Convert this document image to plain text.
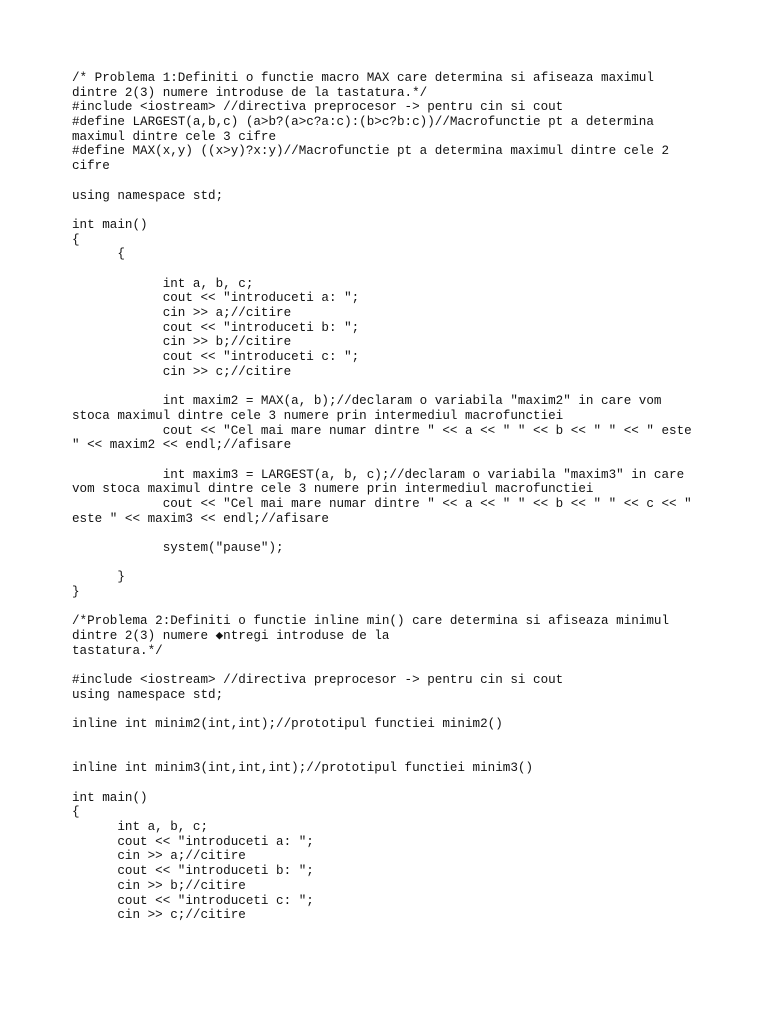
/* Problema 1:Definiti o functie macro MAX care determina si afiseaza maximul
dintre 2(3) numere introduse de la tastatura.*/
#include <iostream> //directiva preprocesor -> pentru cin si cout
#define LARGEST(a,b,c) (a>b?(a>c?a:c):(b>c?b:c))//Macrofunctie pt a determina
maximul dintre cele 3 cifre
#define MAX(x,y) ((x>y)?x:y)//Macrofunctie pt a determina maximul dintre cele 2
cifre
using namespace std;
int main()
{
{
int a, b, c;
cout << "introduceti a: ";
cin >> a;//citire
cout << "introduceti b: ";
cin >> b;//citire
cout << "introduceti c: ";
cin >> c;//citire
int maxim2 = MAX(a, b);//declaram o variabila "maxim2" in care vom
stoca maximul dintre cele 3 numere prin intermediul macrofunctiei
cout << "Cel mai mare numar dintre " << a << " " << b << " " << " este
" << maxim2 << endl;//afisare
int maxim3 = LARGEST(a, b, c);//declaram o variabila "maxim3" in care
vom stoca maximul dintre cele 3 numere prin intermediul macrofunctiei
cout << "Cel mai mare numar dintre " << a << " " << b << " " << c << "
este " << maxim3 << endl;//afisare
system("pause");
}
}
/*Problema 2:Definiti o functie inline min() care determina si afiseaza minimul
dintre 2(3) numere ◆ntregi introduse de la
tastatura.*/
#include <iostream> //directiva preprocesor -> pentru cin si cout
using namespace std;
inline int minim2(int,int);//prototipul functiei minim2()
inline int minim3(int,int,int);//prototipul functiei minim3()
int main()
{
int a, b, c;
cout << "introduceti a: ";
cin >> a;//citire
cout << "introduceti b: ";
cin >> b;//citire
cout << "introduceti c: ";
cin >> c;//citire
